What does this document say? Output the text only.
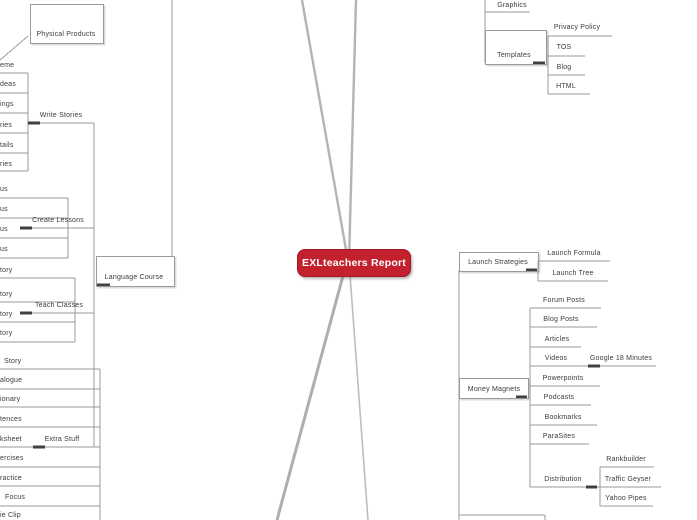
Language Course
Physical Products
Write Stories
eme
deas
ings
ries
tails
ries
Create Lessons
us
us
us
us
Teach Classes
tory
tory
tory
tory
Extra Stuff
Story
alogue
ionary
tences
ksheet
ercises
ractice
Focus
ie Clip
Graphics
Templates
Privacy Policy
TOS
Blog
HTML
Launch Strategies
Launch Formula
Launch Tree
Money Magnets
Forum Posts
Blog Posts
Articles
Videos	Google 18 Minutes
Powerpoints
Podcasts
Bookmarks
ParaSites
Distribution
Rankbuilder
Traffic Geyser
Yahoo Pipes
EXLteachers Report
